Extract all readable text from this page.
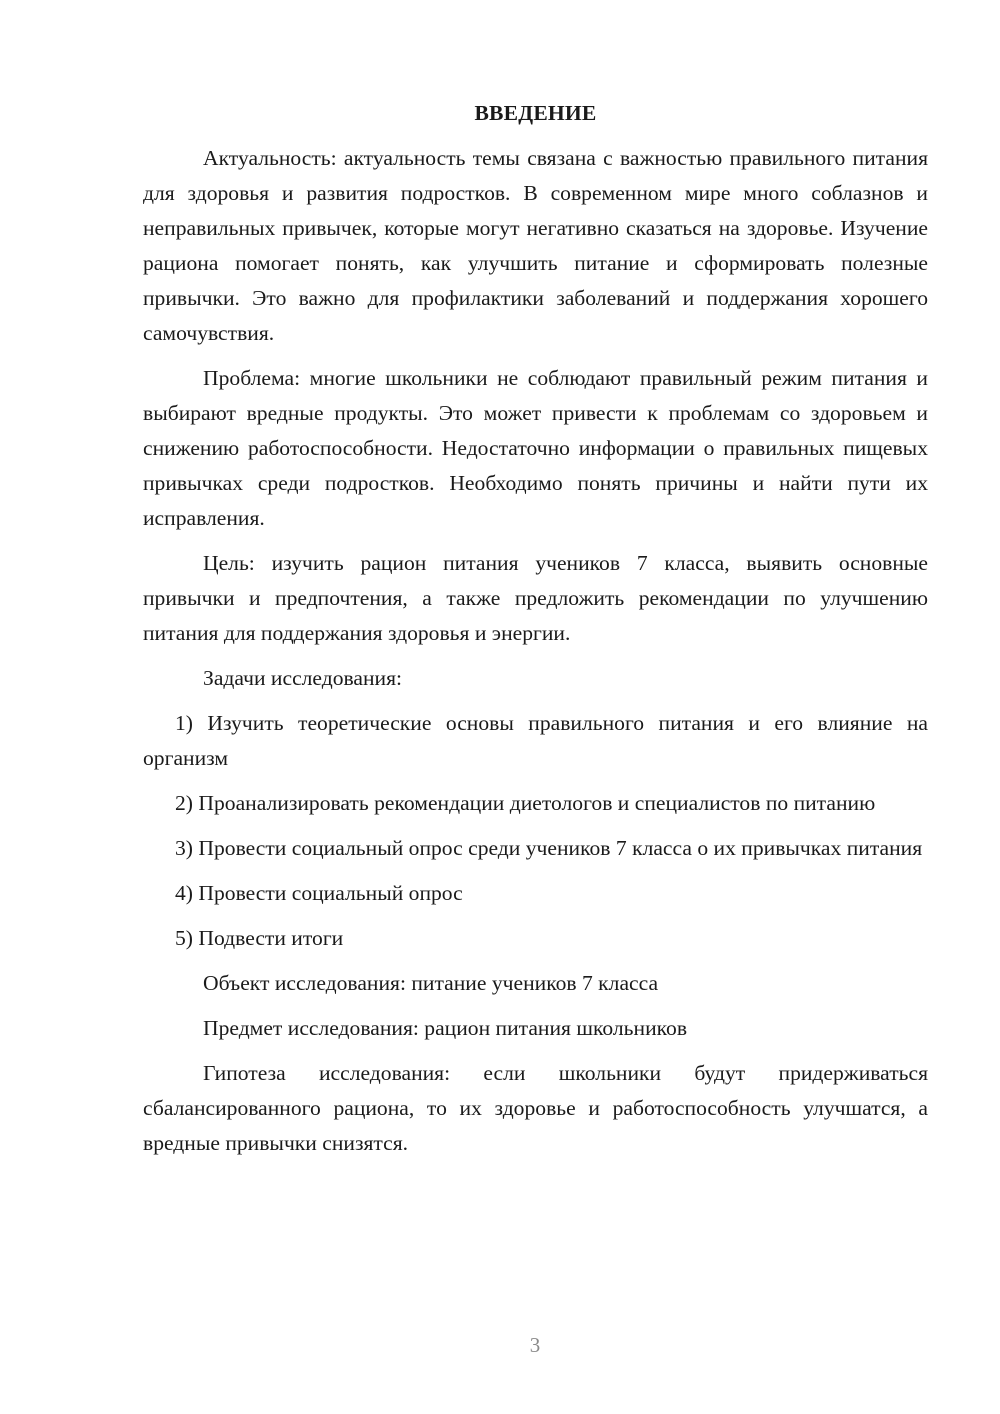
ВВЕДЕНИЕ

Актуальность: актуальность темы связана с важностью правильного питания для здоровья и развития подростков. В современном мире много соблазнов и неправильных привычек, которые могут негативно сказаться на здоровье. Изучение рациона помогает понять, как улучшить питание и сформировать полезные привычки. Это важно для профилактики заболеваний и поддержания хорошего самочувствия.

Проблема: многие школьники не соблюдают правильный режим питания и выбирают вредные продукты. Это может привести к проблемам со здоровьем и снижению работоспособности. Недостаточно информации о правильных пищевых привычках среди подростков. Необходимо понять причины и найти пути их исправления.

Цель: изучить рацион питания учеников 7 класса, выявить основные привычки и предпочтения, а также предложить рекомендации по улучшению питания для поддержания здоровья и энергии.

Задачи исследования:

1) Изучить теоретические основы правильного питания и его влияние на организм

2) Проанализировать рекомендации диетологов и специалистов по питанию

3) Провести социальный опрос среди учеников 7 класса о их привычках питания

4) Провести социальный опрос

5) Подвести итоги

Объект исследования: питание учеников 7 класса

Предмет исследования: рацион питания школьников

Гипотеза исследования: если школьники будут придерживаться сбалансированного рациона, то их здоровье и работоспособность улучшатся, а вредные привычки снизятся.

3
